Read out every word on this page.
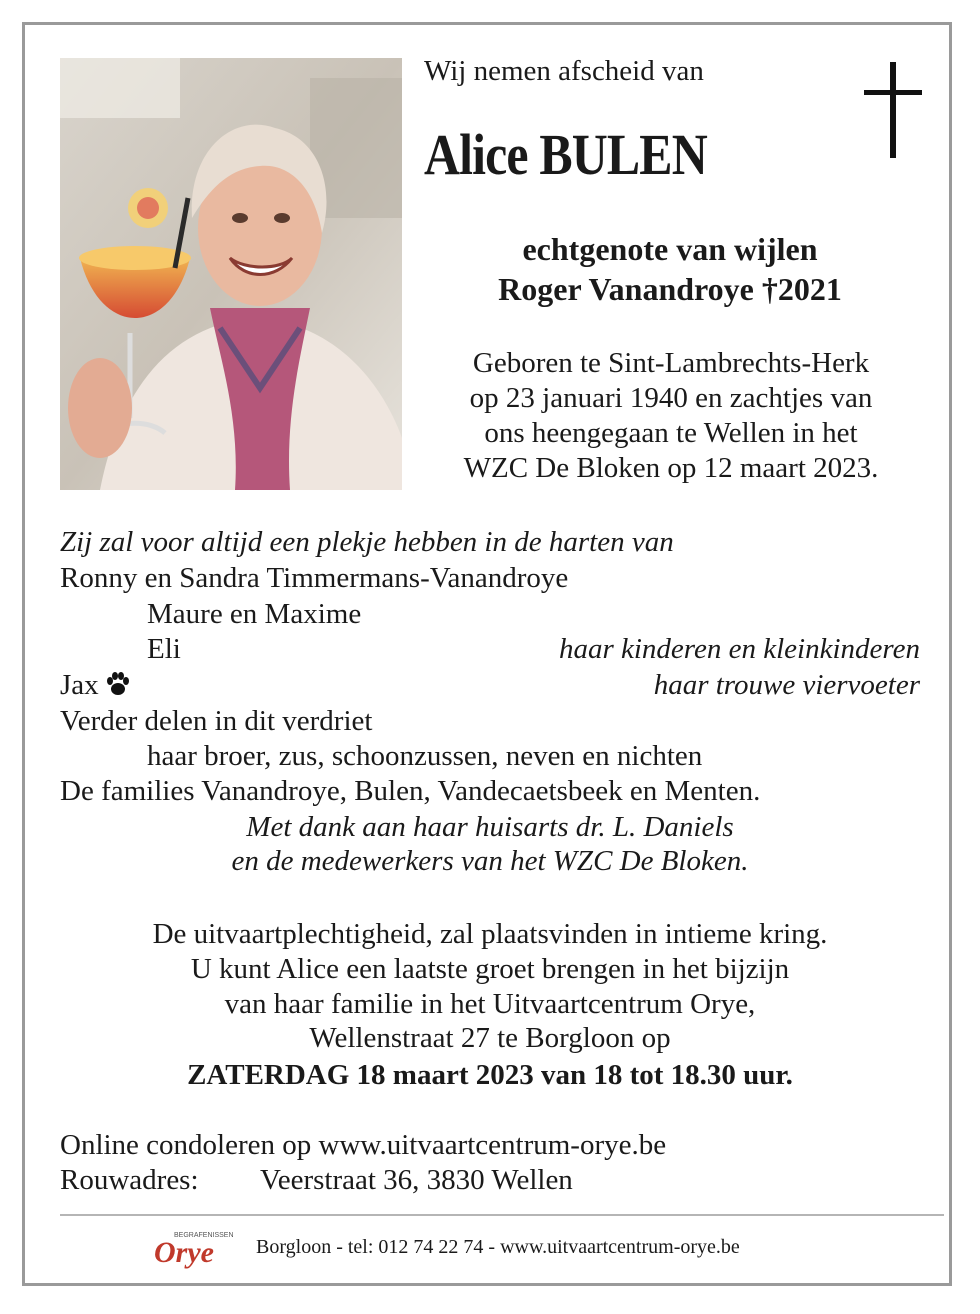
Wij nemen afscheid van
Alice BULEN
echtgenote van wijlen
Roger Vanandroye †2021
Geboren te Sint-Lambrechts-Herk
op 23 januari 1940 en zachtjes van
ons heengegaan te Wellen in het
WZC De Bloken op 12 maart 2023.
Zij zal voor altijd een plekje hebben in de harten van
Ronny en Sandra Timmermans-Vanandroye
Maure en Maxime
Eli	haar kinderen en kleinkinderen
Jax	haar trouwe viervoeter
Verder delen in dit verdriet
haar broer, zus, schoonzussen, neven en nichten
De families Vanandroye, Bulen, Vandecaetsbeek en Menten.
Met dank aan haar huisarts dr. L. Daniels
en de medewerkers van het WZC De Bloken.
De uitvaartplechtigheid, zal plaatsvinden in intieme kring.
U kunt Alice een laatste groet brengen in het bijzijn
van haar familie in het Uitvaartcentrum Orye,
Wellenstraat 27 te Borgloon op
ZATERDAG 18 maart 2023 van 18 tot 18.30 uur.
Online condoleren op www.uitvaartcentrum-orye.be
Rouwadres: Veerstraat 36, 3830 Wellen
BEGRAFENISSEN
Orye Borgloon - tel: 012 74 22 74 - www.uitvaartcentrum-orye.be
